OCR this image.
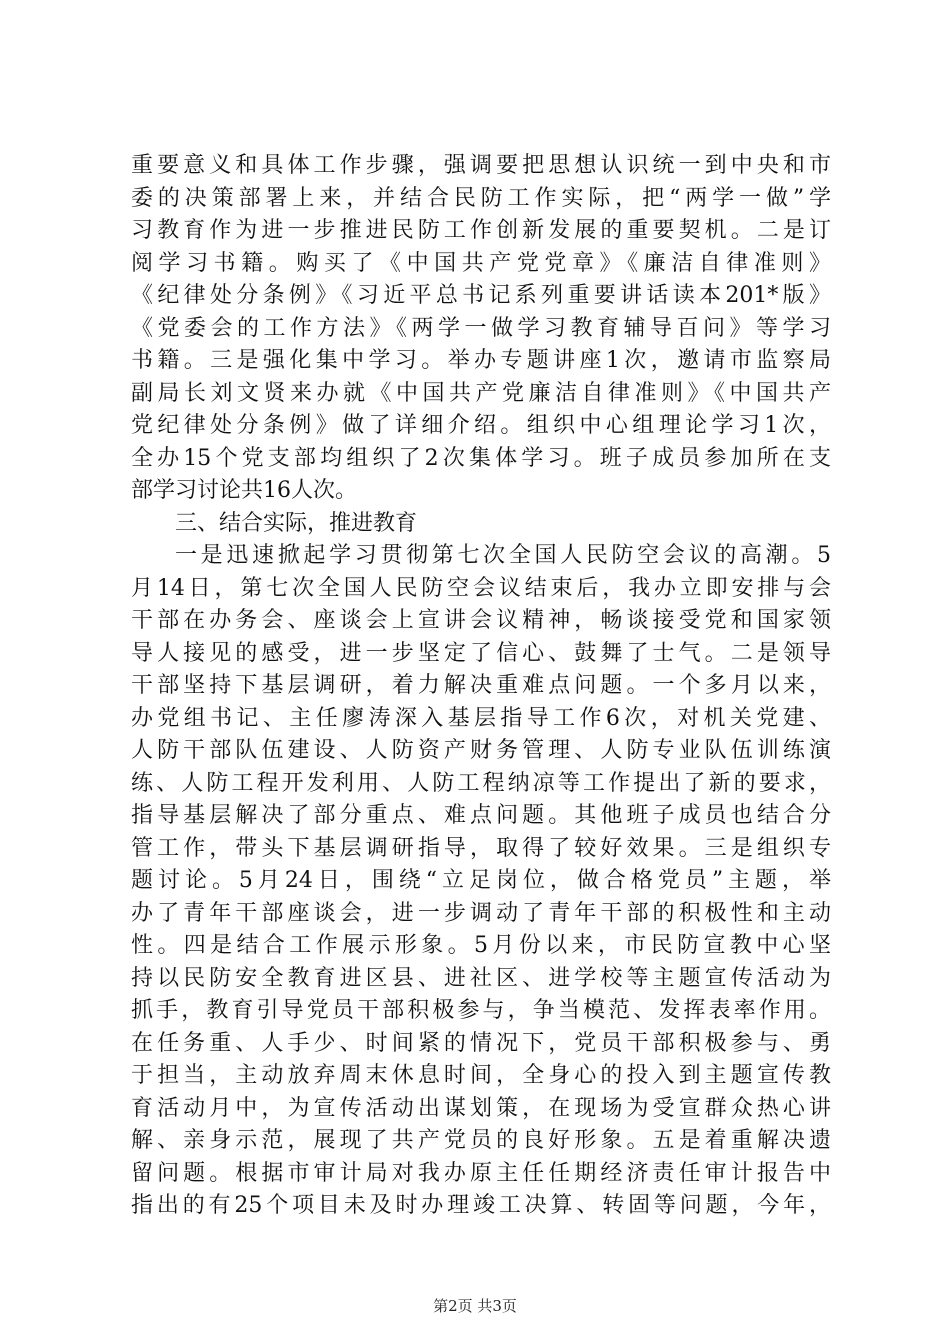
重要意义和具体工作步骤，强调要把思想认识统一到中央和市
委的决策部署上来，并结合民防工作实际，把“两学一做”学
习教育作为进一步推进民防工作创新发展的重要契机。二是订
阅学习书籍。购买了《中国共产党党章》《廉洁自律准则》
《纪律处分条例》《习近平总书记系列重要讲话读本201*版》
《党委会的工作方法》《两学一做学习教育辅导百问》等学习
书籍。三是强化集中学习。举办专题讲座1次，邀请市监察局
副局长刘文贤来办就《中国共产党廉洁自律准则》《中国共产
党纪律处分条例》做了详细介绍。组织中心组理论学习1次，
全办15个党支部均组织了2次集体学习。班子成员参加所在支
部学习讨论共16人次。
三、结合实际，推进教育
一是迅速掀起学习贯彻第七次全国人民防空会议的高潮。5
月14日，第七次全国人民防空会议结束后，我办立即安排与会
干部在办务会、座谈会上宣讲会议精神，畅谈接受党和国家领
导人接见的感受，进一步坚定了信心、鼓舞了士气。二是领导
干部坚持下基层调研，着力解决重难点问题。一个多月以来，
办党组书记、主任廖涛深入基层指导工作6次，对机关党建、
人防干部队伍建设、人防资产财务管理、人防专业队伍训练演
练、人防工程开发利用、人防工程纳凉等工作提出了新的要求，
指导基层解决了部分重点、难点问题。其他班子成员也结合分
管工作，带头下基层调研指导，取得了较好效果。三是组织专
题讨论。5月24日，围绕“立足岗位，做合格党员”主题，举
办了青年干部座谈会，进一步调动了青年干部的积极性和主动
性。四是结合工作展示形象。5月份以来，市民防宣教中心坚
持以民防安全教育进区县、进社区、进学校等主题宣传活动为
抓手，教育引导党员干部积极参与，争当模范、发挥表率作用。
在任务重、人手少、时间紧的情况下，党员干部积极参与、勇
于担当，主动放弃周末休息时间，全身心的投入到主题宣传教
育活动月中，为宣传活动出谋划策，在现场为受宣群众热心讲
解、亲身示范，展现了共产党员的良好形象。五是着重解决遗
留问题。根据市审计局对我办原主任任期经济责任审计报告中
指出的有25个项目未及时办理竣工决算、转固等问题，今年，
第2页 共3页
